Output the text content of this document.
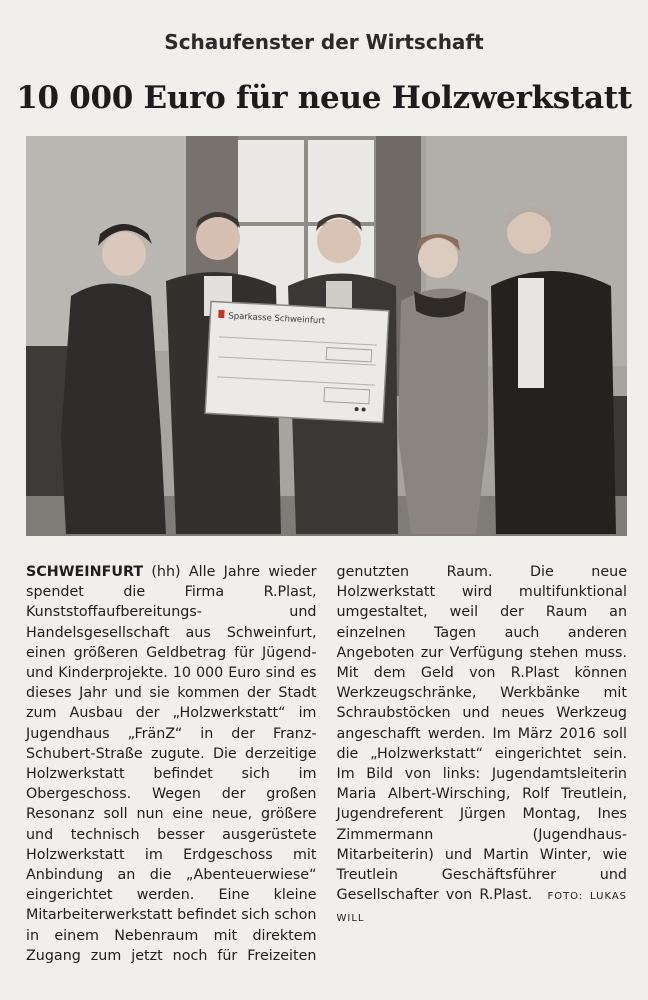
Schaufenster der Wirtschaft
10 000 Euro für neue Holzwerkstatt
Sparkasse Schweinfurt
SCHWEINFURT (hh) Alle Jahre wieder spendet die Firma R.Plast, Kunststoffaufbereitungs- und Handelsgesellschaft aus Schweinfurt, einen größeren Geldbetrag für Jügend- und Kinderprojekte. 10 000 Euro sind es dieses Jahr und sie kommen der Stadt zum Ausbau der „Holzwerkstatt“ im Jugendhaus „FränZ“ in der Franz-Schubert-Straße zugute. Die derzeitige Holzwerkstatt befindet sich im Obergeschoss. Wegen der großen Resonanz soll nun eine neue, größere und technisch besser ausgerüstete Holzwerkstatt im Erdgeschoss mit Anbindung an die „Abenteuerwiese“ eingerichtet werden. Eine kleine Mitarbeiterwerkstatt befindet sich schon in einem Nebenraum mit direktem Zugang zum jetzt noch für Freizeiten genutzten Raum. Die neue Holzwerkstatt wird multifunktional umgestaltet, weil der Raum an einzelnen Tagen auch anderen Angeboten zur Verfügung stehen muss. Mit dem Geld von R.Plast können Werkzeugschränke, Werkbänke mit Schraubstöcken und neues Werkzeug angeschafft werden. Im März 2016 soll die „Holzwerkstatt“ eingerichtet sein. Im Bild von links: Jugendamtsleiterin Maria Albert-Wirsching, Rolf Treutlein, Jugendreferent Jürgen Montag, Ines Zimmermann (Jugendhaus-Mitarbeiterin) und Martin Winter, wie Treutlein Geschäftsführer und Gesellschafter von R.Plast. FOTO: LUKAS WILL
